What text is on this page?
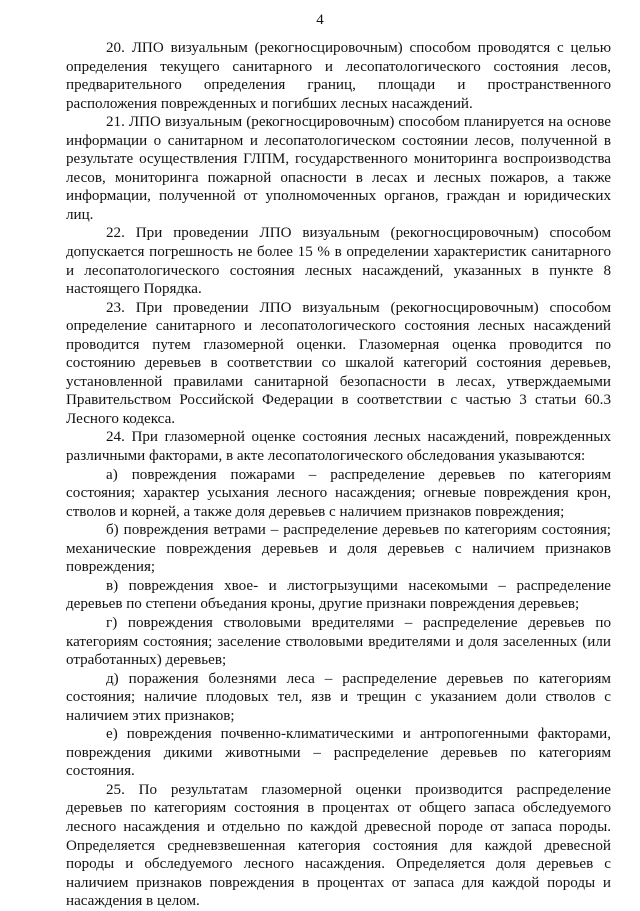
4

20. ЛПО визуальным (рекогносцировочным) способом проводятся с целью определения текущего санитарного и лесопатологического состояния лесов, предварительного определения границ, площади и пространственного расположения поврежденных и погибших лесных насаждений.

21. ЛПО визуальным (рекогносцировочным) способом планируется на основе информации о санитарном и лесопатологическом состоянии лесов, полученной в результате осуществления ГЛПМ, государственного мониторинга воспроизводства лесов, мониторинга пожарной опасности в лесах и лесных пожаров, а также информации, полученной от уполномоченных органов, граждан и юридических лиц.

22. При проведении ЛПО визуальным (рекогносцировочным) способом допускается погрешность не более 15 % в определении характеристик санитарного и лесопатологического состояния лесных насаждений, указанных в пункте 8 настоящего Порядка.

23. При проведении ЛПО визуальным (рекогносцировочным) способом определение санитарного и лесопатологического состояния лесных насаждений проводится путем глазомерной оценки. Глазомерная оценка проводится по состоянию деревьев в соответствии со шкалой категорий состояния деревьев, установленной правилами санитарной безопасности в лесах, утверждаемыми Правительством Российской Федерации в соответствии с частью 3 статьи 60.3 Лесного кодекса.

24. При глазомерной оценке состояния лесных насаждений, поврежденных различными факторами, в акте лесопатологического обследования указываются:

а) повреждения пожарами – распределение деревьев по категориям состояния; характер усыхания лесного насаждения; огневые повреждения крон, стволов и корней, а также доля деревьев с наличием признаков повреждения;

б) повреждения ветрами – распределение деревьев по категориям состояния; механические повреждения деревьев и доля деревьев с наличием признаков повреждения;

в) повреждения хвое- и листогрызущими насекомыми – распределение деревьев по степени объедания кроны, другие признаки повреждения деревьев;

г) повреждения стволовыми вредителями – распределение деревьев по категориям состояния; заселение стволовыми вредителями и доля заселенных (или отработанных) деревьев;

д) поражения болезнями леса – распределение деревьев по категориям состояния; наличие плодовых тел, язв и трещин с указанием доли стволов с наличием этих признаков;

е) повреждения почвенно-климатическими и антропогенными факторами, повреждения дикими животными – распределение деревьев по категориям состояния.

25. По результатам глазомерной оценки производится распределение деревьев по категориям состояния в процентах от общего запаса обследуемого лесного насаждения и отдельно по каждой древесной породе от запаса породы. Определяется средневзвешенная категория состояния для каждой древесной породы и обследуемого лесного насаждения. Определяется доля деревьев с наличием признаков повреждения в процентах от запаса для каждой породы и насаждения в целом.
